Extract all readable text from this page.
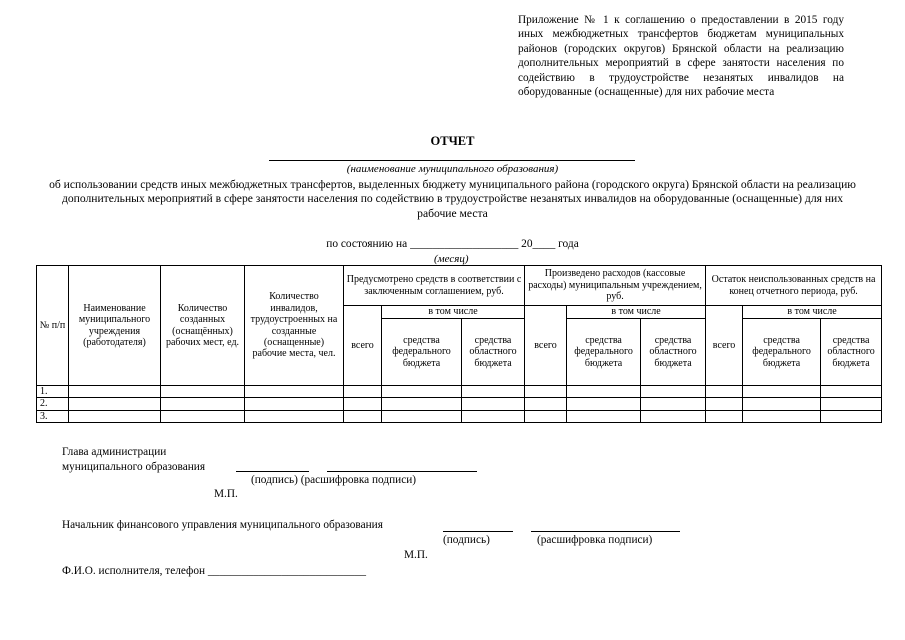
Приложение № 1 к соглашению о предоставлении в 2015 году иных межбюджетных трансфертов бюджетам муниципальных районов (городских округов) Брянской области на реализацию дополнительных мероприятий в сфере занятости населения по содействию в трудоустройстве незанятых инвалидов на оборудованные (оснащенные) для них рабочие места
ОТЧЕТ
(наименование муниципального образования)
об использовании средств иных межбюджетных трансфертов, выделенных бюджету муниципального района (городского округа) Брянской области на реализацию дополнительных мероприятий в сфере занятости населения по содействию в трудоустройстве незанятых инвалидов на оборудованные (оснащенные) для них рабочие места
по состоянию на ___________________ 20____ года
(месяц)
№ п/п	Наименование муниципального учреждения (работодателя)	Количество созданных (оснащённых) рабочих мест, ед.	Количество инвалидов, трудоустроенных на созданные (оснащенные) рабочие места, чел.	Предусмотрено средств в соответствии с заключенным соглашением, руб.			Произведено расходов (кассовые расходы) муниципальным учреждением, руб.			Остаток неиспользованных средств на конец отчетного периода, руб.		
				всего	в том числе		всего	в том числе		всего	в том числе	
					средства федерального бюджета	средства областного бюджета		средства федерального бюджета	средства областного бюджета		средства федерального бюджета	средства областного бюджета
1.												
2.												
3.												
Глава администрации
муниципального образования
(подпись) (расшифровка подписи)
М.П.
Начальник финансового управления муниципального образования
(подпись)	(расшифровка подписи)
М.П.
Ф.И.О. исполнителя, телефон ____________________________
